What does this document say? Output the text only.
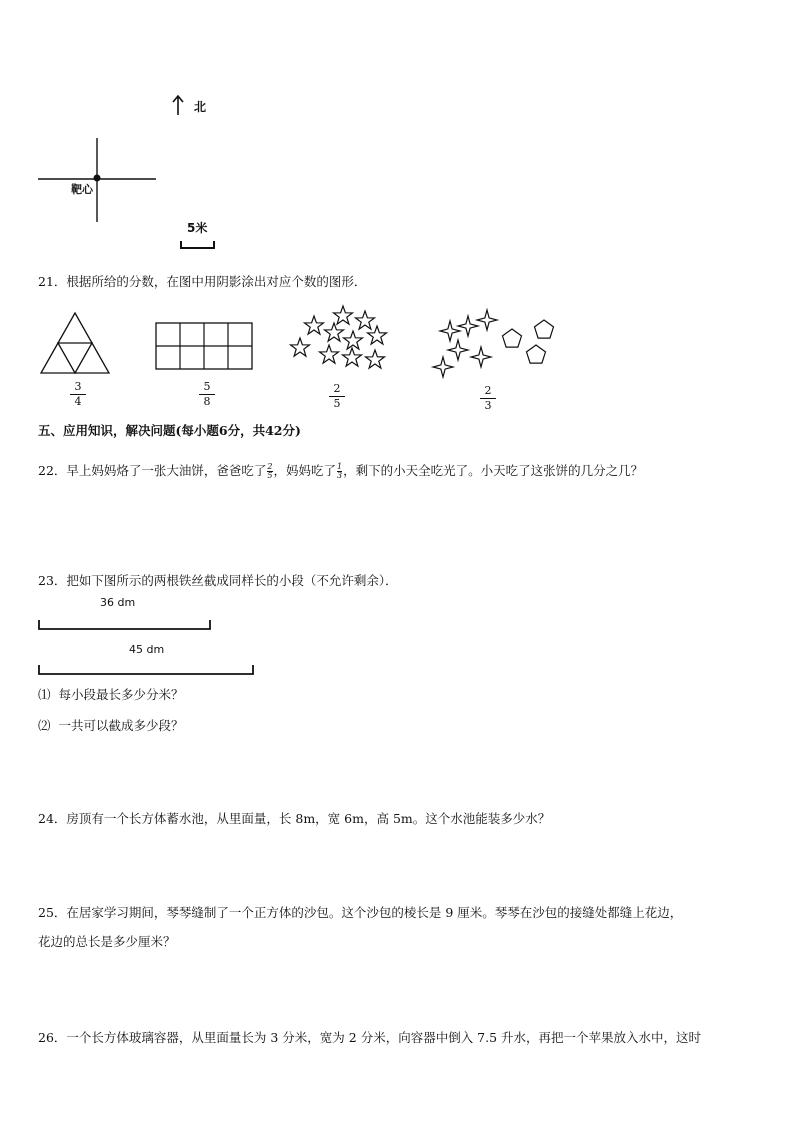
北
靶心
5米
21．根据所给的分数，在图中用阴影涂出对应个数的图形．
3
4
5
8
2
5
2
3
五、应用知识，解决问题(每小题6分，共42分)
22．早上妈妈烙了一张大油饼，爸爸吃了$\frac{2}{5}$，妈妈吃了$\frac{1}{3}$，剩下的小天全吃光了。小天吃了这张饼的几分之几？
23．把如下图所示的两根铁丝截成同样长的小段（不允许剩余）．
36 dm
45 dm
⑴ 每小段最长多少分米？
⑵ 一共可以截成多少段？
24．房顶有一个长方体蓄水池，从里面量，长 8m，宽 6m，高 5m。这个水池能装多少水？
25．在居家学习期间，琴琴缝制了一个正方体的沙包。这个沙包的棱长是 9 厘米。琴琴在沙包的接缝处都缝上花边，
花边的总长是多少厘米？
26．一个长方体玻璃容器，从里面量长为 3 分米，宽为 2 分米，向容器中倒入 7.5 升水，再把一个苹果放入水中，这时
